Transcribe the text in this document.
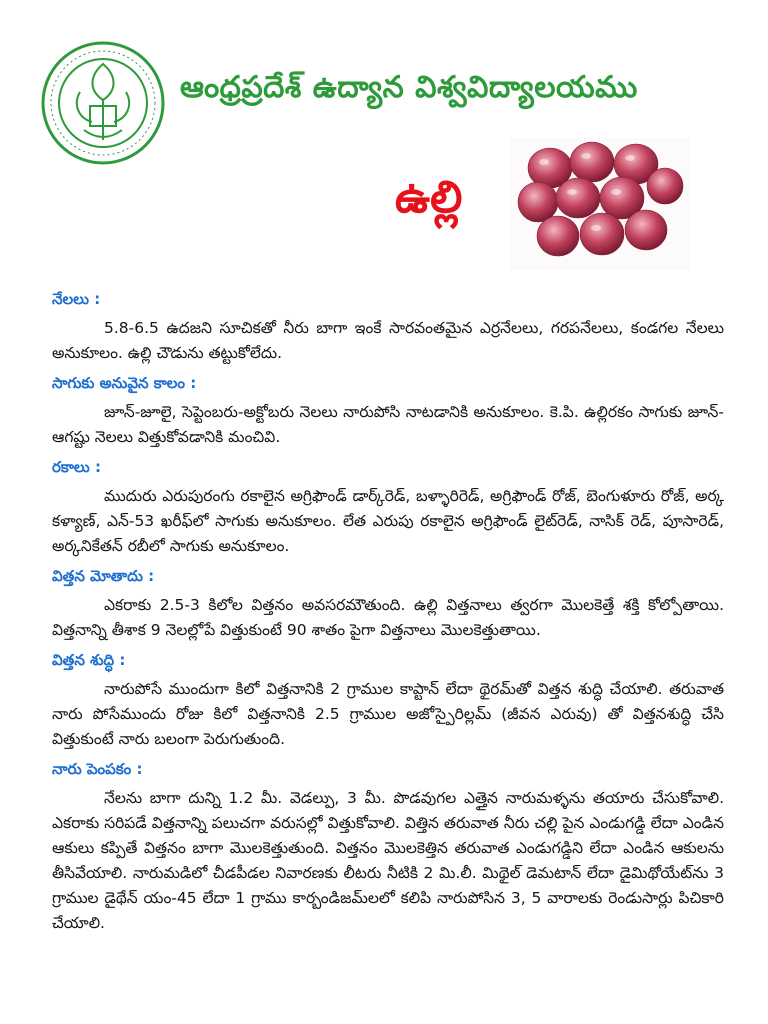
ఆంధ్రప్రదేశ్ ఉద్యాన విశ్వవిద్యాలయము
ఉల్లి
నేలలు :

5.8-6.5 ఉదజని సూచికతో నీరు బాగా ఇంకే సారవంతమైన ఎర్రనేలలు, గరపనేలలు, కండగల నేలలు అనుకూలం. ఉల్లి చౌడును తట్టుకోలేదు.

సాగుకు అనువైన కాలం :

జూన్-జూలై, సెప్టెంబరు-అక్టోబరు నెలలు నారుపోసి నాటడానికి అనుకూలం. కె.పి. ఉల్లిరకం సాగుకు జూన్-ఆగష్టు నెలలు విత్తుకోవడానికి మంచివి.

రకాలు :

ముదురు ఎరుపురంగు రకాలైన అగ్రిఫౌండ్ డార్క్‌రెడ్, బళ్ళారిరెడ్, అగ్రిఫౌండ్ రోజ్, బెంగుళూరు రోజ్, అర్క కళ్యాణ్, ఎన్-53 ఖరీఫ్‌లో సాగుకు అనుకూలం. లేత ఎరుపు రకాలైన అగ్రిఫౌండ్ లైట్‌రెడ్, నాసిక్ రెడ్, పూసారెడ్, అర్కనికేతన్ రబీలో సాగుకు అనుకూలం.

విత్తన మోతాదు :

ఎకరాకు 2.5-3 కిలోల విత్తనం అవసరమౌతుంది. ఉల్లి విత్తనాలు త్వరగా మొలకెత్తే శక్తి కోల్పోతాయి. విత్తనాన్ని తీశాక 9 నెలల్లోపే విత్తుకుంటే 90 శాతం పైగా విత్తనాలు మొలకెత్తుతాయి.

విత్తన శుద్ధి :

నారుపోసే ముందుగా కిలో విత్తనానికి 2 గ్రాముల కాప్టాన్ లేదా థైరమ్‌తో విత్తన శుద్ధి చేయాలి. తరువాత నారు పోసేముందు రోజు కిలో విత్తనానికి 2.5 గ్రాముల అజోస్పైరిల్లమ్ (జీవన ఎరువు) తో విత్తనశుద్ధి చేసి విత్తుకుంటే నారు బలంగా పెరుగుతుంది.

నారు పెంపకం :

నేలను బాగా దున్ని 1.2 మీ. వెడల్పు, 3 మీ. పొడవుగల ఎత్తైన నారుమళ్ళను తయారు చేసుకోవాలి. ఎకరాకు సరిపడే విత్తనాన్ని పలుచగా వరుసల్లో విత్తుకోవాలి. విత్తిన తరువాత నీరు చల్లి పైన ఎండుగడ్డి లేదా ఎండిన ఆకులు కప్పితే విత్తనం బాగా మొలకెత్తుతుంది. విత్తనం మొలకెత్తిన తరువాత ఎండుగడ్డిని లేదా ఎండిన ఆకులను తీసివేయాలి. నారుమడిలో చీడపీడల నివారణకు లీటరు నీటికి 2 మి.లీ. మిథైల్ డెమటాన్ లేదా డైమిథోయేట్‌ను 3 గ్రాముల డైథేన్ యం-45 లేదా 1 గ్రాము కార్బండిజమ్‌లలో కలిపి నారుపోసిన 3, 5 వారాలకు రెండుసార్లు పిచికారి చేయాలి.
